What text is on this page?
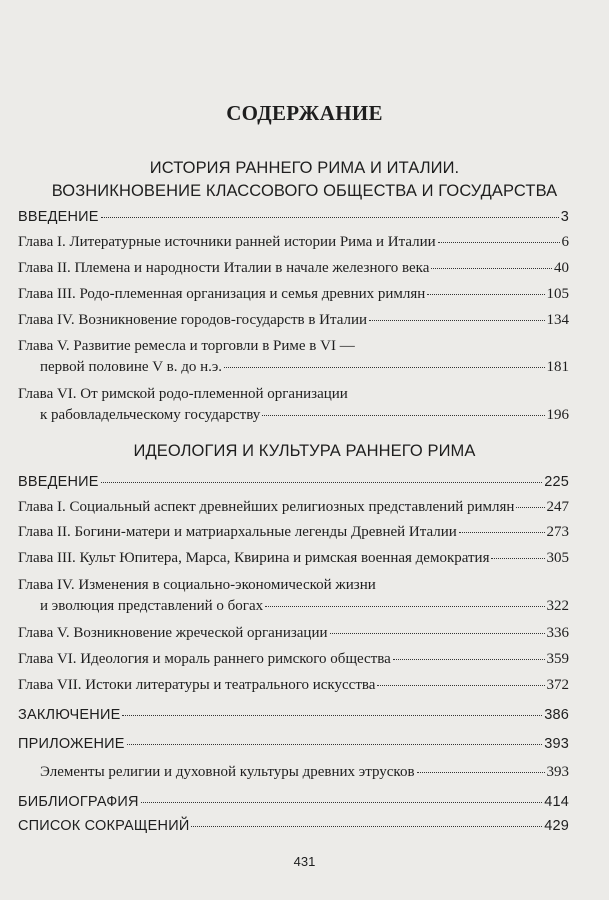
СОДЕРЖАНИЕ
ИСТОРИЯ РАННЕГО РИМА И ИТАЛИИ.
ВОЗНИКНОВЕНИЕ КЛАССОВОГО ОБЩЕСТВА И ГОСУДАРСТВА
ВВЕДЕНИЕ	3
Глава I. Литературные источники ранней истории Рима и Италии	6
Глава II. Племена и народности Италии в начале железного века	40
Глава III. Родо-племенная организация и семья древних римлян	105
Глава IV. Возникновение городов-государств в Италии	134
Глава V. Развитие ремесла и торговли в Риме в VI —
первой половине V в. до н.э.	181
Глава VI. От римской родо-племенной организации
к рабовладельческому государству	196
ИДЕОЛОГИЯ И КУЛЬТУРА РАННЕГО РИМА
ВВЕДЕНИЕ	225
Глава I. Социальный аспект древнейших религиозных представлений римлян 247
Глава II. Богини-матери и матриархальные легенды Древней Италии	273
Глава III. Культ Юпитера, Марса, Квирина и римская военная демократия	305
Глава IV. Изменения в социально-экономической жизни
и эволюция представлений о богах	322
Глава V. Возникновение жреческой организации	336
Глава VI. Идеология и мораль раннего римского общества	359
Глава VII. Истоки литературы и театрального искусства	372
ЗАКЛЮЧЕНИЕ	386
ПРИЛОЖЕНИЕ	393
Элементы религии и духовной культуры древних этрусков	393
БИБЛИОГРАФИЯ	414
СПИСОК СОКРАЩЕНИЙ	429
431
